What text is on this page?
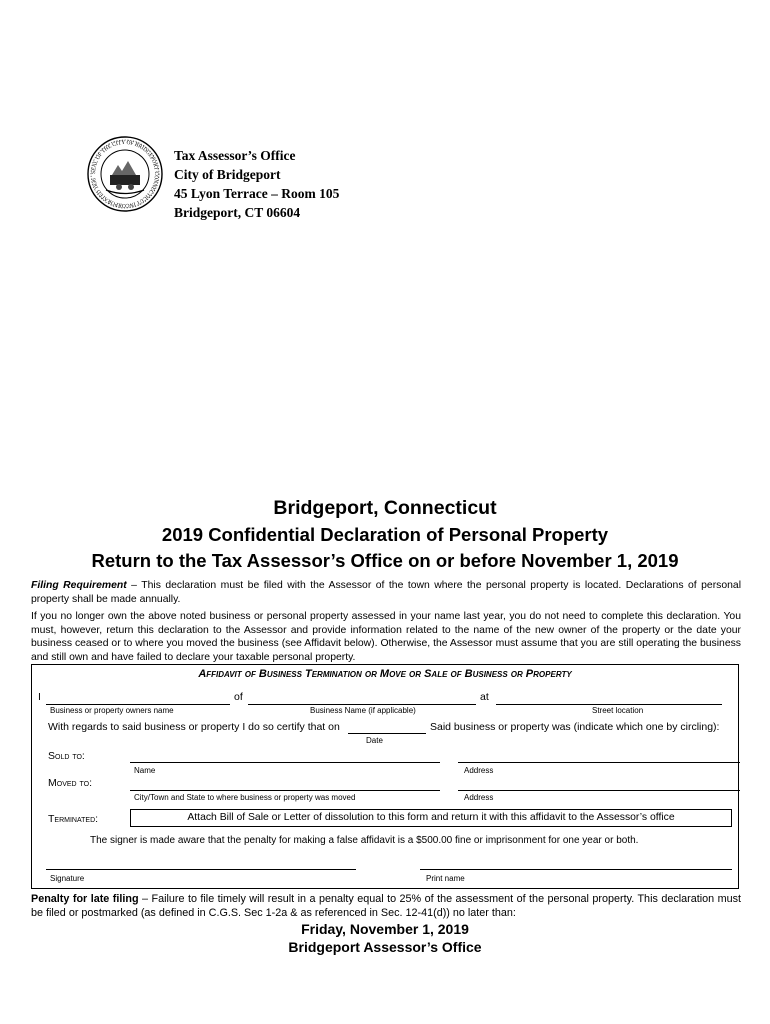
SEAL OF THE CITY OF BRIDGEPORT CONNECTICUT INCORPORATED 1836
Tax Assessor’s Office
City of Bridgeport
45 Lyon Terrace – Room 105
Bridgeport, CT 06604
Bridgeport, Connecticut
2019 Confidential Declaration of Personal Property
Return to the Tax Assessor’s Office on or before November 1, 2019
Filing Requirement – This declaration must be filed with the Assessor of the town where the personal property is located. Declarations of personal property shall be made annually.
If you no longer own the above noted business or personal property assessed in your name last year, you do not need to complete this declaration. You must, however, return this declaration to the Assessor and provide information related to the name of the new owner of the property or the date your business ceased or to where you moved the business (see Affidavit below). Otherwise, the Assessor must assume that you are still operating the business and still own and have failed to declare your taxable personal property.
Affidavit of Business Termination or Move or Sale of Business or Property
I	of	at
Business or property owners name	Business Name (if applicable)	Street location
With regards to said business or property I do so certify that on	Said business or property was (indicate which one by circling):
Date
Sold to:
Name	Address
Moved to:
City/Town and State to where business or property was moved	Address
Terminated:	Attach Bill of Sale or Letter of dissolution to this form and return it with this affidavit to the Assessor’s office
The signer is made aware that the penalty for making a false affidavit is a $500.00 fine or imprisonment for one year or both.
Signature	Print name
Penalty for late filing – Failure to file timely will result in a penalty equal to 25% of the assessment of the personal property. This declaration must be filed or postmarked (as defined in C.G.S. Sec 1-2a & as referenced in Sec. 12-41(d)) no later than:
Friday, November 1, 2019
Bridgeport Assessor’s Office
